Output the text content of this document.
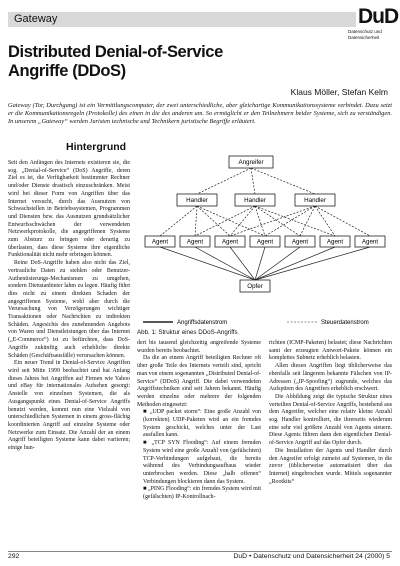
Gateway	DuD
Datenschutz und Datensicherheit
Distributed Denial-of-Service
Angriffe (DDoS)
Klaus Möller, Stefan Kelm
Gateway (Tor, Durchgang) ist ein Vermittlungscomputer, der zwei unterschiedliche, aber gleichartige Kommunikationssysteme verbindet. Dazu setzt er die Kommunikationsregeln (Protokolle) des einen in die des anderen um. So ermöglicht er den Teilnehmern beider Systeme, sich zu verständigen. In unserem „Gateway“ werden Juristen technische und Technikern juristische Begriffe erläutert.
Hintergrund

Seit den Anfängen des Internets existieren sie, die sog. „Denial-of-Service“ (DoS) Angriffe, deren Ziel es ist, die Verfügbarkeit bestimmter Rechner und/oder Dienste drastisch einzuschränken. Meist wird bei dieser Form von Angriffen über das Internet versucht, durch das Ausnutzen von Schwachstellen in Betriebssystemen, Programmen und Diensten bzw. das Ausnutzen grundsätzlicher Entwurfsschwächen der verwendeten Netzwerkprotokolle, die angegriffenen Systeme zum Absturz zu bringen oder derartig zu überlasten, dass diese Systeme ihre eigentliche Funktionalität nicht mehr erbringen können.

Reine DoS-Angriffe haben also nicht das Ziel, vertrauliche Daten zu stehlen oder Benutzer-Authentisierungs-Mechanismen zu umgehen, sondern Dienstanbieter lahm zu legen. Häufig führt dies nicht zu einem direkten Schaden der angegriffenen Systeme, wohl aber durch die Verursachung von Verzögerungen wichtiger Transaktionen oder Nachrichten zu indirekten Schäden. Angesichts des zunehmenden Angebots von Waren und Dienstleistungen über das Internet („E-Commerce“) ist zu befürchten, dass DoS-Angriffe zukünftig auch erhebliche direkte Schäden (Geschäftsausfälle) verursachen können.

Ein neuer Trend in Denial-of-Service Angriffen wird seit Mitte 1999 beobachtet und hat Anfang dieses Jahres bei Angriffen auf Firmen wie Yahoo und eBay für internationales Aufsehen gesorgt: Anstelle von einzelnen Systemen, die als Ausgangspunkt eines Denial-of-Service Angriffs benutzt werden, kommt nun eine Vielzahl von unterschiedlichen Systemen in einem gross-flächig koordinierten Angriff auf einzelne Systeme oder Netzwerke zum Einsatz. Die Anzahl der an einem Angriff beteiligten Systeme kann dabei variieren; einige hun-

Angreifer
Handler	Handler	Handler
Agent	Agent	Agent	Agent	Agent	Agent	Agent
Opfer
Angriffsdatenstrom	Steuerdatenstrom
Abb. 1: Struktur eines DDoS-Angriffs

dert bis tausend gleichzeitig angreifende Systeme wurden bereits beobachtet.

Da die an einem Angriff beteiligten Rechner oft über große Teile des Internets verteilt sind, spricht man von einem sogenannten „Distributed Denial-of-Service“ (DDoS) Angriff. Die dabei verwendeten Angriffstechniken sind seit Jahren bekannt. Häufig werden einzelne oder mehrere der folgenden Methoden eingesetzt:

■ „UDP packet storm“: Eine große Anzahl von (korrekten) UDP-Paketen wird an ein fremdes System geschickt, welches unter der Last ausfallen kann.

■ „TCP SYN Flooding“: Auf einem fremden System wird eine große Anzahl von (gefälschten) TCP-Verbindungen aufgebaut, die bereits während des Verbindungsaufbaus wieder unterbrochen werden. Diese „halb offenen“ Verbindungen blockieren dann das System.

■ „PING Flooding“: ein fremdes System wird mit (gefälschten) IP-Kontrollnach-

richten (ICMP-Paketen) belastet; diese Nachrichten samt der erzeugten Antwort-Pakete können ein komplettes Subnetz erheblich belasten.

Allen diesen Angriffen liegt üblicherweise das ebenfalls seit längerem bekannte Fälschen von IP-Adressen („IP-Spoofing“) zugrunde, welches das Aufspüren des Angreifers erheblich erschwert.

Die Abbildung zeigt die typische Struktur eines verteilten Denial-of-Service Angriffs, bestehend aus dem Angreifer, welcher eine relativ kleine Anzahl sog. Handler kontrolliert, die ihrerseits wiederum eine sehr viel größere Anzahl von Agents steuern. Diese Agents führen dann den eigentlichen Denial-of-Service Angriff auf das Opfer durch.

Die Installation der Agents und Handler durch den Angreifer erfolgt zumeist auf Systemen, in die zuvor (üblicherweise automatisiert über das Internet) eingebrochen wurde. Mittels sogenannter „Rootkits“

292	DuD • Datenschutz und Datensicherheit 24 (2000) 5
